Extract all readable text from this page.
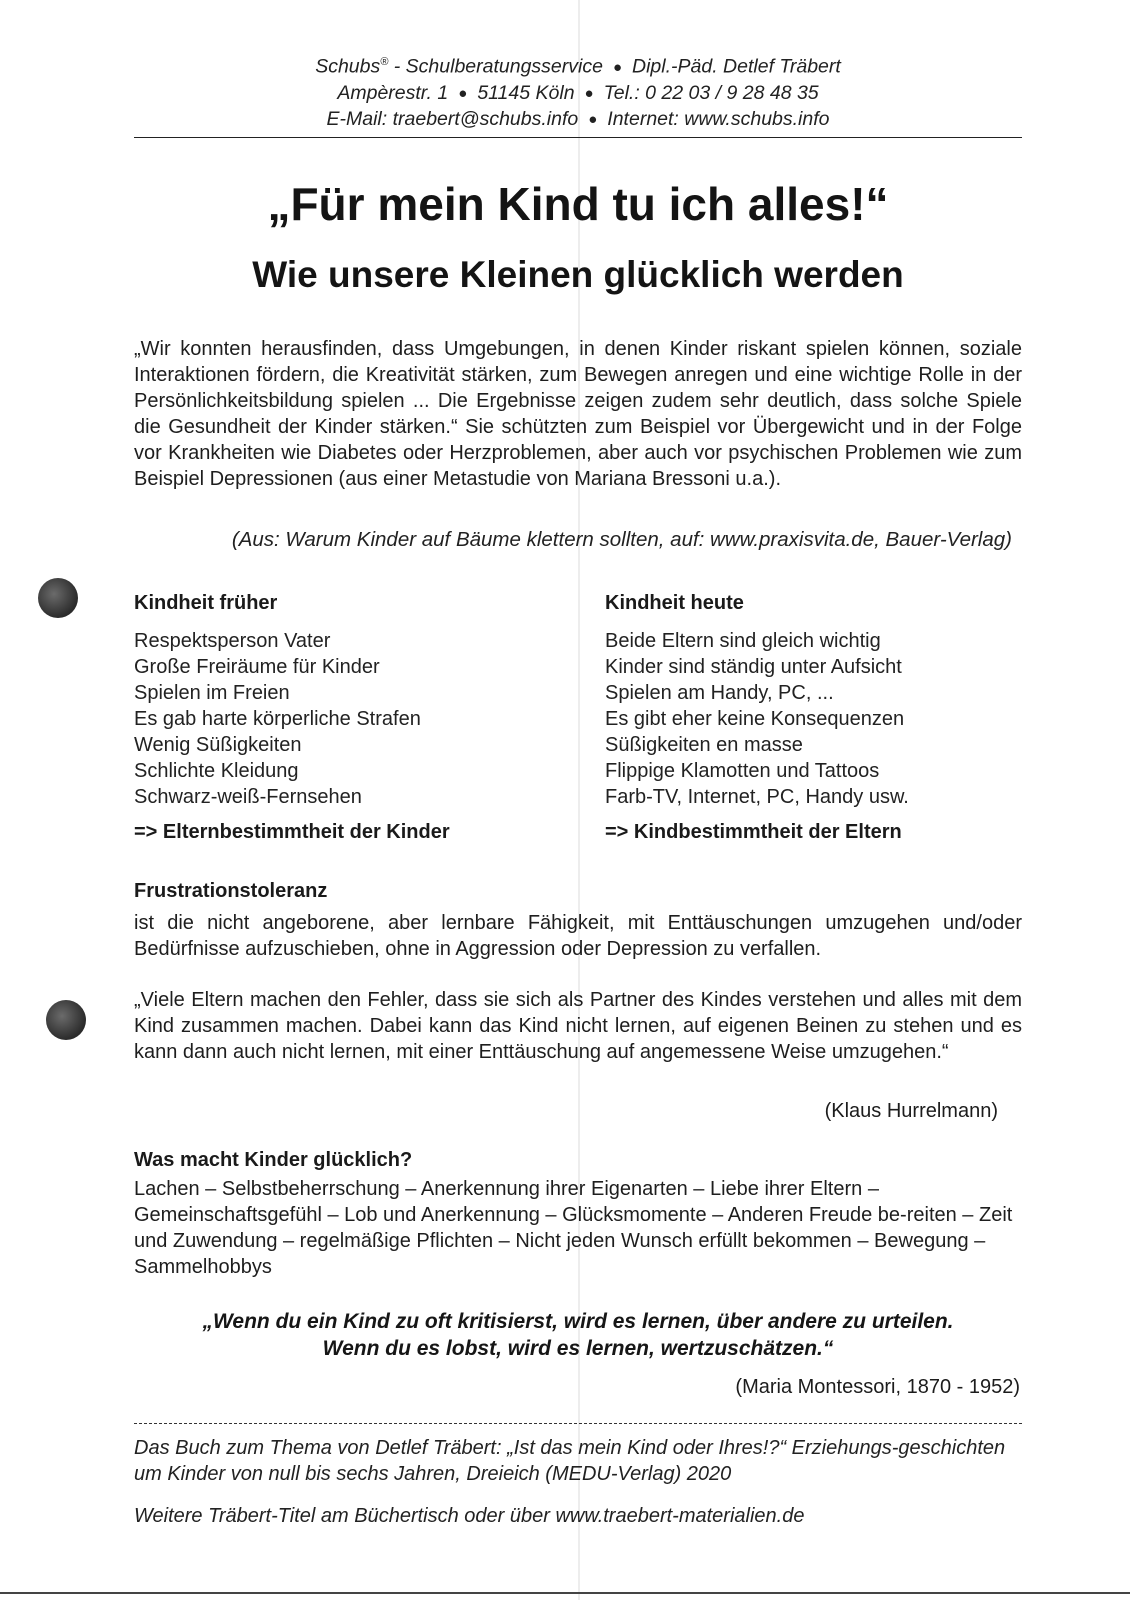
Schubs® - Schulberatungsservice ● Dipl.-Päd. Detlef Träbert
Ampèrestr. 1 ● 51145 Köln ● Tel.: 0 22 03 / 9 28 48 35
E-Mail: traebert@schubs.info ● Internet: www.schubs.info
„Für mein Kind tu ich alles!“
Wie unsere Kleinen glücklich werden
„Wir konnten herausfinden, dass Umgebungen, in denen Kinder riskant spielen können, soziale Interaktionen fördern, die Kreativität stärken, zum Bewegen anregen und eine wichtige Rolle in der Persönlichkeitsbildung spielen ... Die Ergebnisse zeigen zudem sehr deutlich, dass solche Spiele die Gesundheit der Kinder stärken.“ Sie schützten zum Beispiel vor Übergewicht und in der Folge vor Krankheiten wie Diabetes oder Herzproblemen, aber auch vor psychischen Problemen wie zum Beispiel Depressionen (aus einer Metastudie von Mariana Bressoni u.a.).
(Aus: Warum Kinder auf Bäume klettern sollten, auf: www.praxisvita.de, Bauer-Verlag)
Kindheit früher
Respektsperson Vater
Große Freiräume für Kinder
Spielen im Freien
Es gab harte körperliche Strafen
Wenig Süßigkeiten
Schlichte Kleidung
Schwarz-weiß-Fernsehen
=> Elternbestimmtheit der Kinder
Kindheit heute
Beide Eltern sind gleich wichtig
Kinder sind ständig unter Aufsicht
Spielen am Handy, PC, ...
Es gibt eher keine Konsequenzen
Süßigkeiten en masse
Flippige Klamotten und Tattoos
Farb-TV, Internet, PC, Handy usw.
=> Kindbestimmtheit der Eltern
Frustrationstoleranz
ist die nicht angeborene, aber lernbare Fähigkeit, mit Enttäuschungen umzugehen und/oder Bedürfnisse aufzuschieben, ohne in Aggression oder Depression zu verfallen.
„Viele Eltern machen den Fehler, dass sie sich als Partner des Kindes verstehen und alles mit dem Kind zusammen machen. Dabei kann das Kind nicht lernen, auf eigenen Beinen zu stehen und es kann dann auch nicht lernen, mit einer Enttäuschung auf angemessene Weise umzugehen.“
(Klaus Hurrelmann)
Was macht Kinder glücklich?
Lachen – Selbstbeherrschung – Anerkennung ihrer Eigenarten – Liebe ihrer Eltern – Gemeinschaftsgefühl – Lob und Anerkennung – Glücksmomente – Anderen Freude be-reiten – Zeit und Zuwendung – regelmäßige Pflichten – Nicht jeden Wunsch erfüllt bekommen – Bewegung – Sammelhobbys
„Wenn du ein Kind zu oft kritisierst, wird es lernen, über andere zu urteilen.
Wenn du es lobst, wird es lernen, wertzuschätzen.“
(Maria Montessori, 1870 - 1952)
Das Buch zum Thema von Detlef Träbert: „Ist das mein Kind oder Ihres!?“ Erziehungs-geschichten um Kinder von null bis sechs Jahren, Dreieich (MEDU-Verlag) 2020
Weitere Träbert-Titel am Büchertisch oder über www.traebert-materialien.de
